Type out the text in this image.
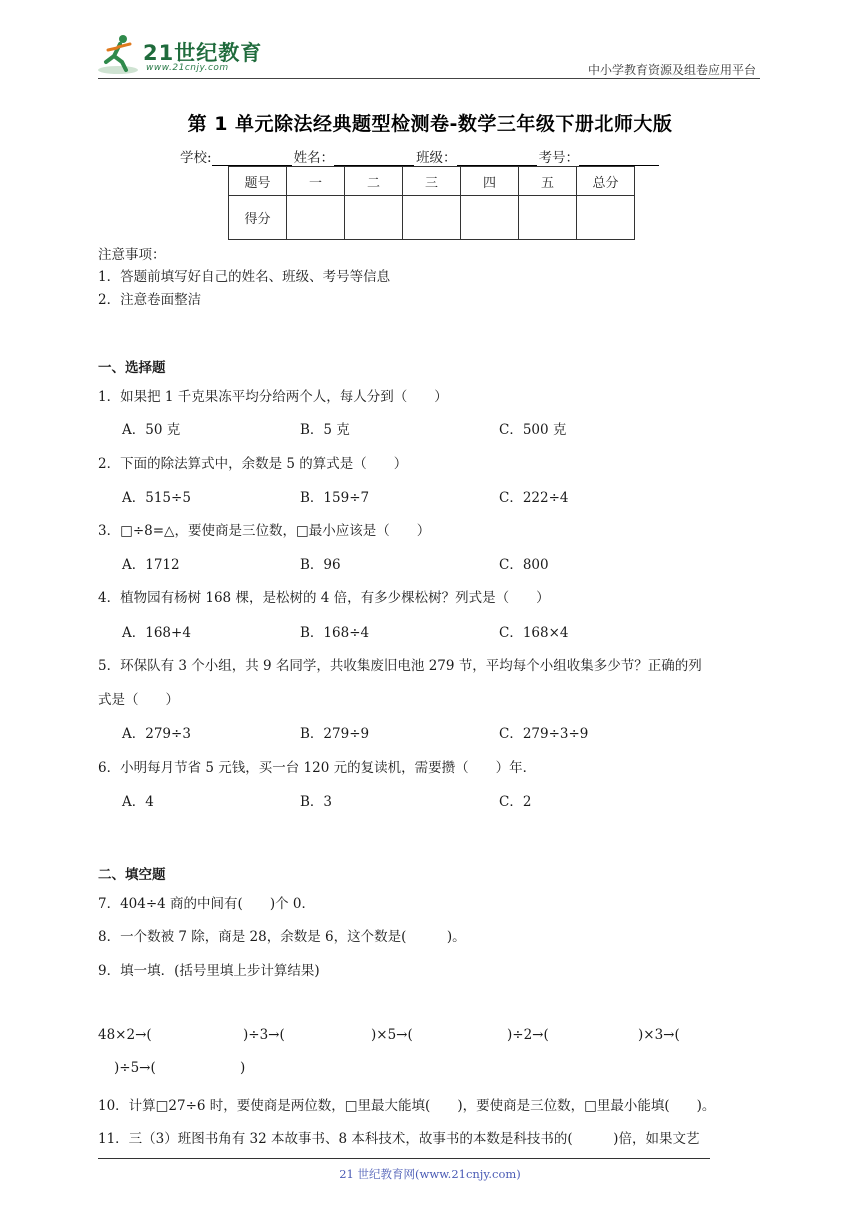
21世纪教育
www.21cnjy.com	中小学教育资源及组卷应用平台
第 1 单元除法经典题型检测卷-数学三年级下册北师大版
学校:	姓名：	班级：	考号：
题号	一	二	三	四	五	总分
得分						
注意事项：
1．答题前填写好自己的姓名、班级、考号等信息
2．注意卷面整洁
一、选择题
1．如果把 1 千克果冻平均分给两个人，每人分到（　　）
A．50 克	B．5 克	C．500 克
2．下面的除法算式中，余数是 5 的算式是（　　）
A．515÷5	B．159÷7	C．222÷4
3．□÷8=△，要使商是三位数，□最小应该是（　　）
A．1712	B．96	C．800
4．植物园有杨树 168 棵，是松树的 4 倍，有多少棵松树？列式是（　　）
A．168+4	B．168÷4	C．168×4
5．环保队有 3 个小组，共 9 名同学，共收集废旧电池 279 节，平均每个小组收集多少节？正确的列
式是（　　）
A．279÷3	B．279÷9	C．279÷3÷9
6．小明每月节省 5 元钱，买一台 120 元的复读机，需要攒（　　）年．
A．4	B．3	C．2
二、填空题
7．404÷4 商的中间有(　　)个 0．
8．一个数被 7 除，商是 28，余数是 6，这个数是(　　　)。
9．填一填．(括号里填上步计算结果)
48×2→(	)÷3→(	)×5→(	)÷2→(	)×3→(
)÷5→(	)
10．计算□27÷6 时，要使商是两位数，□里最大能填(　　)，要使商是三位数，□里最小能填(　　)。
11．三（3）班图书角有 32 本故事书、8 本科技术，故事书的本数是科技书的(　　　)倍，如果文艺
21 世纪教育网(www.21cnjy.com)
